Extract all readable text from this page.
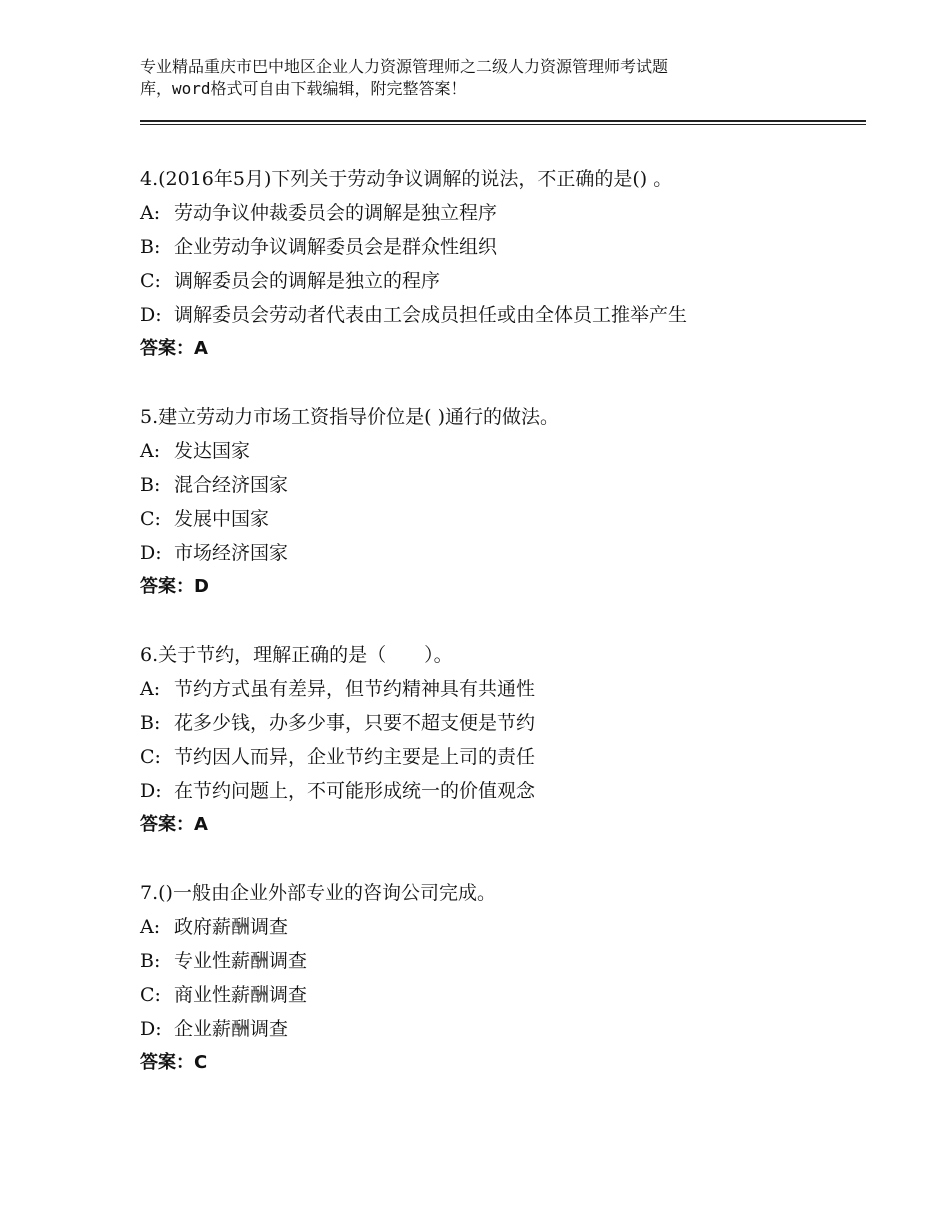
专业精品重庆市巴中地区企业人力资源管理师之二级人力资源管理师考试题
库，word格式可自由下载编辑，附完整答案！
4.(2016年5月)下列关于劳动争议调解的说法，不正确的是() 。
A: 劳动争议仲裁委员会的调解是独立程序
B: 企业劳动争议调解委员会是群众性组织
C: 调解委员会的调解是独立的程序
D: 调解委员会劳动者代表由工会成员担任或由全体员工推举产生
答案：A
5.建立劳动力市场工资指导价位是( )通行的做法。
A: 发达国家
B: 混合经济国家
C: 发展中国家
D: 市场经济国家
答案：D
6.关于节约，理解正确的是（　　）。
A: 节约方式虽有差异，但节约精神具有共通性
B: 花多少钱，办多少事，只要不超支便是节约
C: 节约因人而异，企业节约主要是上司的责任
D: 在节约问题上，不可能形成统一的价值观念
答案：A
7.()一般由企业外部专业的咨询公司完成。
A: 政府薪酬调查
B: 专业性薪酬调查
C: 商业性薪酬调查
D: 企业薪酬调查
答案：C
